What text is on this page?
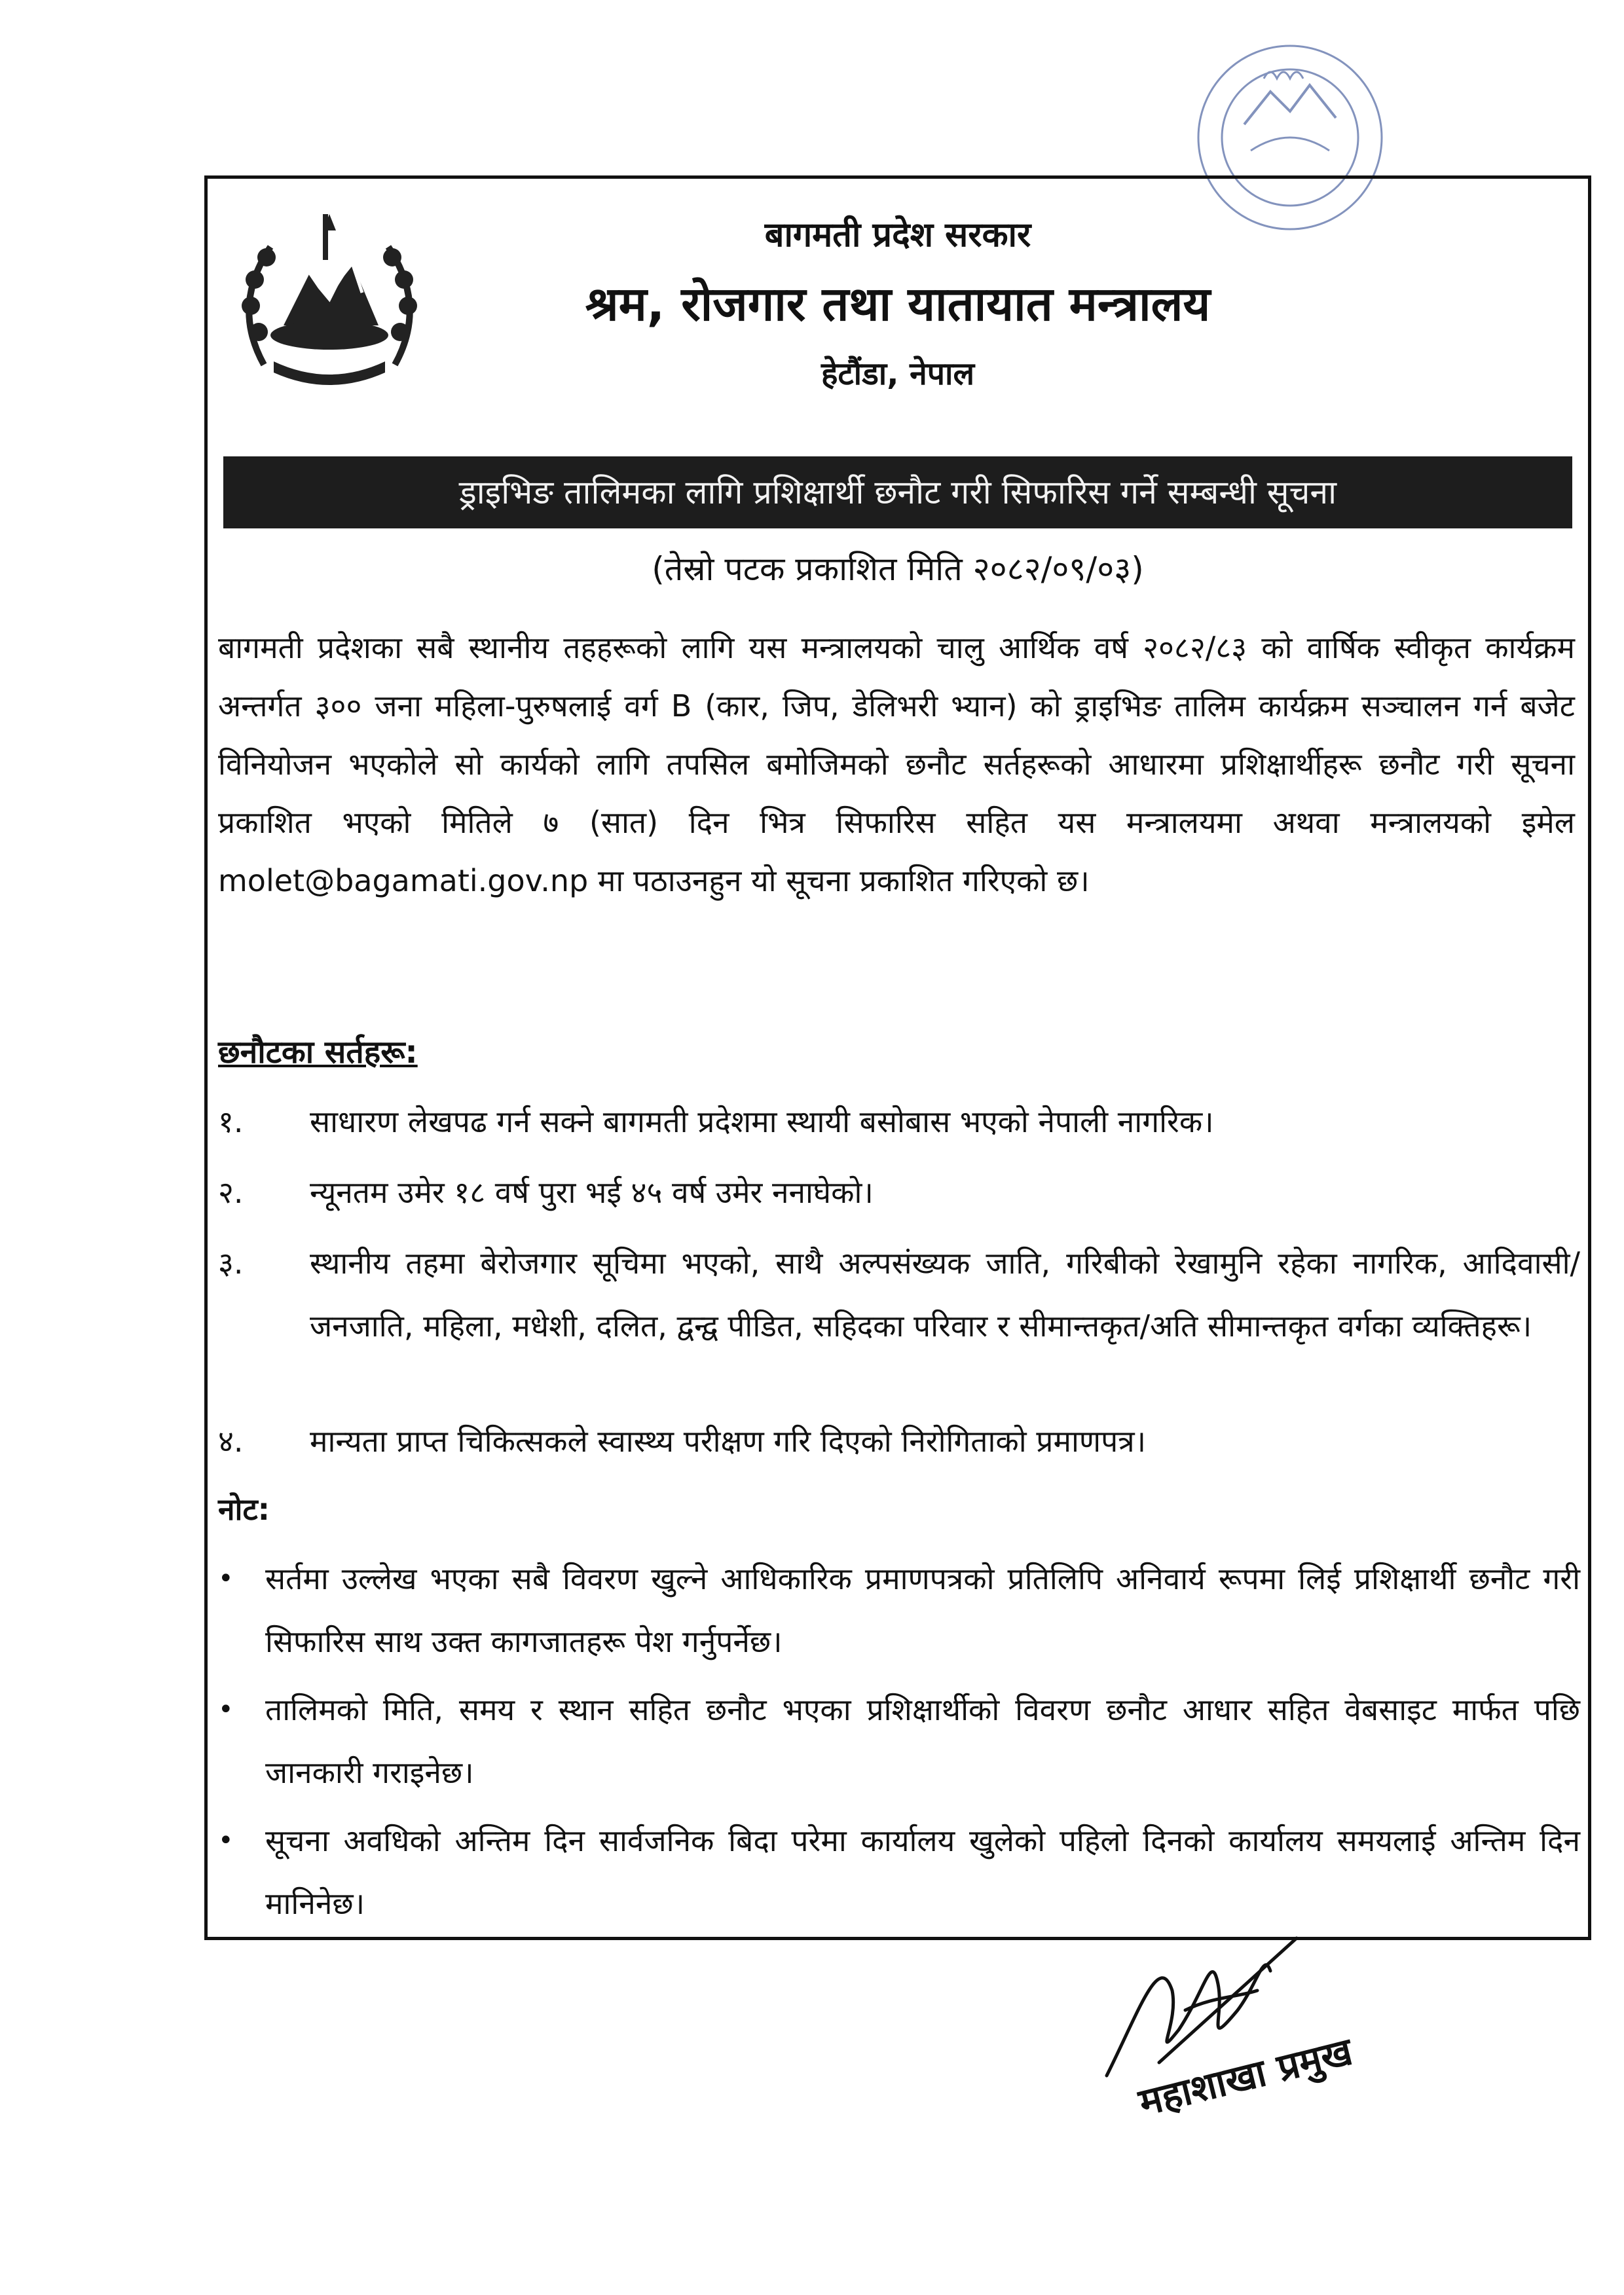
बागमती प्रदेश सरकार
श्रम, रोजगार तथा यातायात मन्त्रालय
हेटौंडा, नेपाल
ड्राइभिङ तालिमका लागि प्रशिक्षार्थी छनौट गरी सिफारिस गर्ने सम्बन्धी सूचना
(तेस्रो पटक प्रकाशित मिति २०८२/०९/०३)
बागमती प्रदेशका सबै स्थानीय तहहरूको लागि यस मन्त्रालयको चालु आर्थिक वर्ष २०८२/८३ को वार्षिक स्वीकृत कार्यक्रम अन्तर्गत ३०० जना महिला-पुरुषलाई वर्ग B (कार, जिप, डेलिभरी भ्यान) को ड्राइभिङ तालिम कार्यक्रम सञ्चालन गर्न बजेट विनियोजन भएकोले सो कार्यको लागि तपसिल बमोजिमको छनौट सर्तहरूको आधारमा प्रशिक्षार्थीहरू छनौट गरी सूचना प्रकाशित भएको मितिले ७ (सात) दिन भित्र सिफारिस सहित यस मन्त्रालयमा अथवा मन्त्रालयको इमेल molet@bagamati.gov.np मा पठाउनहुन यो सूचना प्रकाशित गरिएको छ।
छनौटका सर्तहरू:
१.	साधारण लेखपढ गर्न सक्ने बागमती प्रदेशमा स्थायी बसोबास भएको नेपाली नागरिक।
२.	न्यूनतम उमेर १८ वर्ष पुरा भई ४५ वर्ष उमेर ननाघेको।
३.	स्थानीय तहमा बेरोजगार सूचिमा भएको, साथै अल्पसंख्यक जाति, गरिबीको रेखामुनि रहेका नागरिक, आदिवासी/जनजाति, महिला, मधेशी, दलित, द्वन्द्व पीडित, सहिदका परिवार र सीमान्तकृत/अति सीमान्तकृत वर्गका व्यक्तिहरू।
४.	मान्यता प्राप्त चिकित्सकले स्वास्थ्य परीक्षण गरि दिएको निरोगिताको प्रमाणपत्र।
नोट:
•	सर्तमा उल्लेख भएका सबै विवरण खुल्ने आधिकारिक प्रमाणपत्रको प्रतिलिपि अनिवार्य रूपमा लिई प्रशिक्षार्थी छनौट गरी सिफारिस साथ उक्त कागजातहरू पेश गर्नुपर्नेछ।
•	तालिमको मिति, समय र स्थान सहित छनौट भएका प्रशिक्षार्थीको विवरण छनौट आधार सहित वेबसाइट मार्फत पछि जानकारी गराइनेछ।
•	सूचना अवधिको अन्तिम दिन सार्वजनिक बिदा परेमा कार्यालय खुलेको पहिलो दिनको कार्यालय समयलाई अन्तिम दिन मानिनेछ।
महाशाखा प्रमुख
